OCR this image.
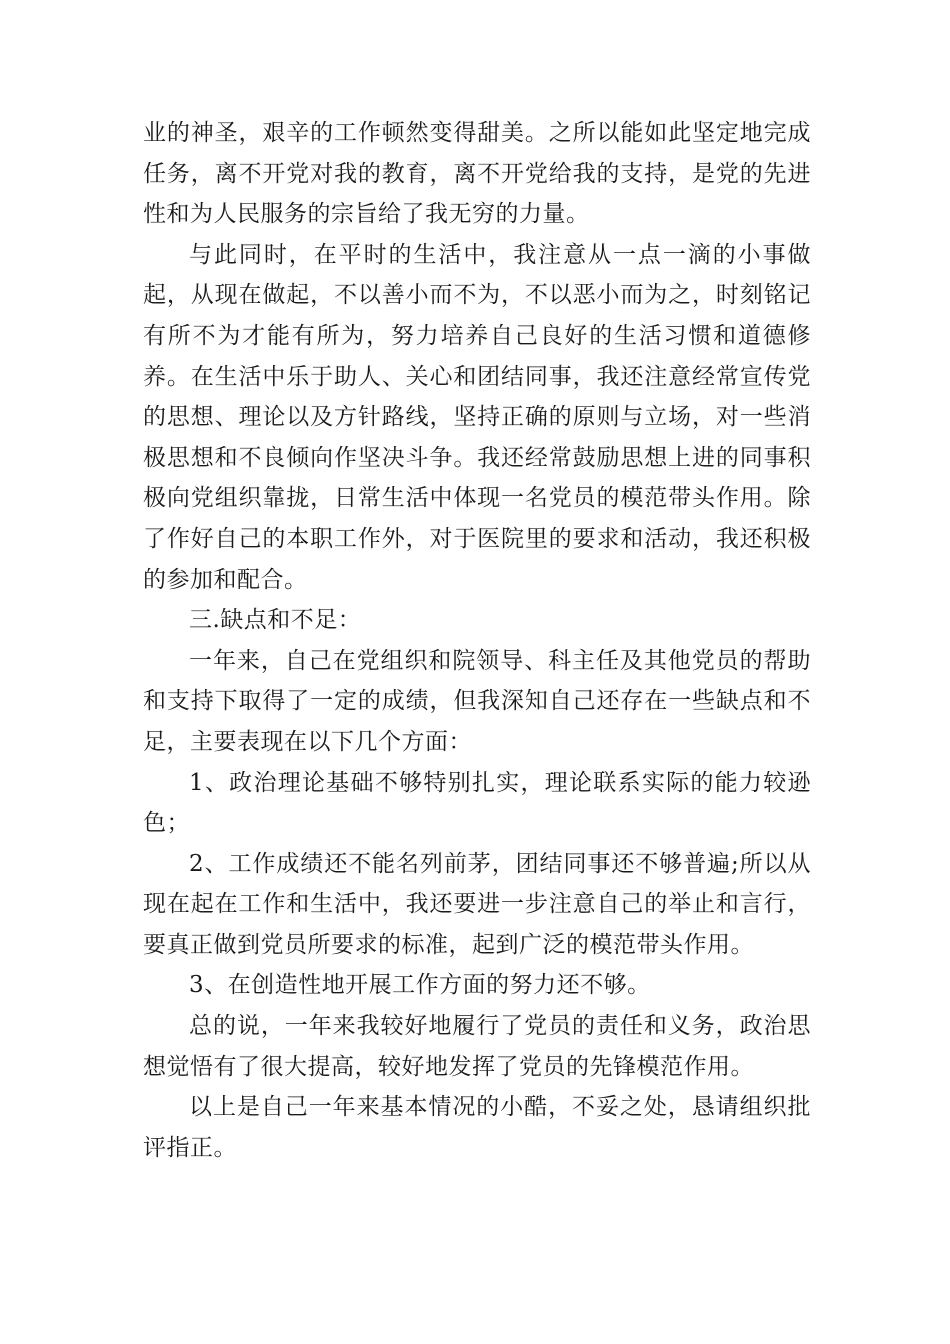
业的神圣，艰辛的工作顿然变得甜美。之所以能如此坚定地完成任务，离不开党对我的教育，离不开党给我的支持，是党的先进性和为人民服务的宗旨给了我无穷的力量。

与此同时，在平时的生活中，我注意从一点一滴的小事做起，从现在做起，不以善小而不为，不以恶小而为之，时刻铭记有所不为才能有所为，努力培养自己良好的生活习惯和道德修养。在生活中乐于助人、关心和团结同事，我还注意经常宣传党的思想、理论以及方针路线，坚持正确的原则与立场，对一些消极思想和不良倾向作坚决斗争。我还经常鼓励思想上进的同事积极向党组织靠拢，日常生活中体现一名党员的模范带头作用。除了作好自己的本职工作外，对于医院里的要求和活动，我还积极的参加和配合。

三.缺点和不足：

一年来，自己在党组织和院领导、科主任及其他党员的帮助和支持下取得了一定的成绩，但我深知自己还存在一些缺点和不足，主要表现在以下几个方面：

1、政治理论基础不够特别扎实，理论联系实际的能力较逊色；

2、工作成绩还不能名列前茅，团结同事还不够普遍;所以从现在起在工作和生活中，我还要进一步注意自己的举止和言行，要真正做到党员所要求的标准，起到广泛的模范带头作用。

3、在创造性地开展工作方面的努力还不够。

总的说，一年来我较好地履行了党员的责任和义务，政治思想觉悟有了很大提高，较好地发挥了党员的先锋模范作用。

以上是自己一年来基本情况的小酷，不妥之处，恳请组织批评指正。
